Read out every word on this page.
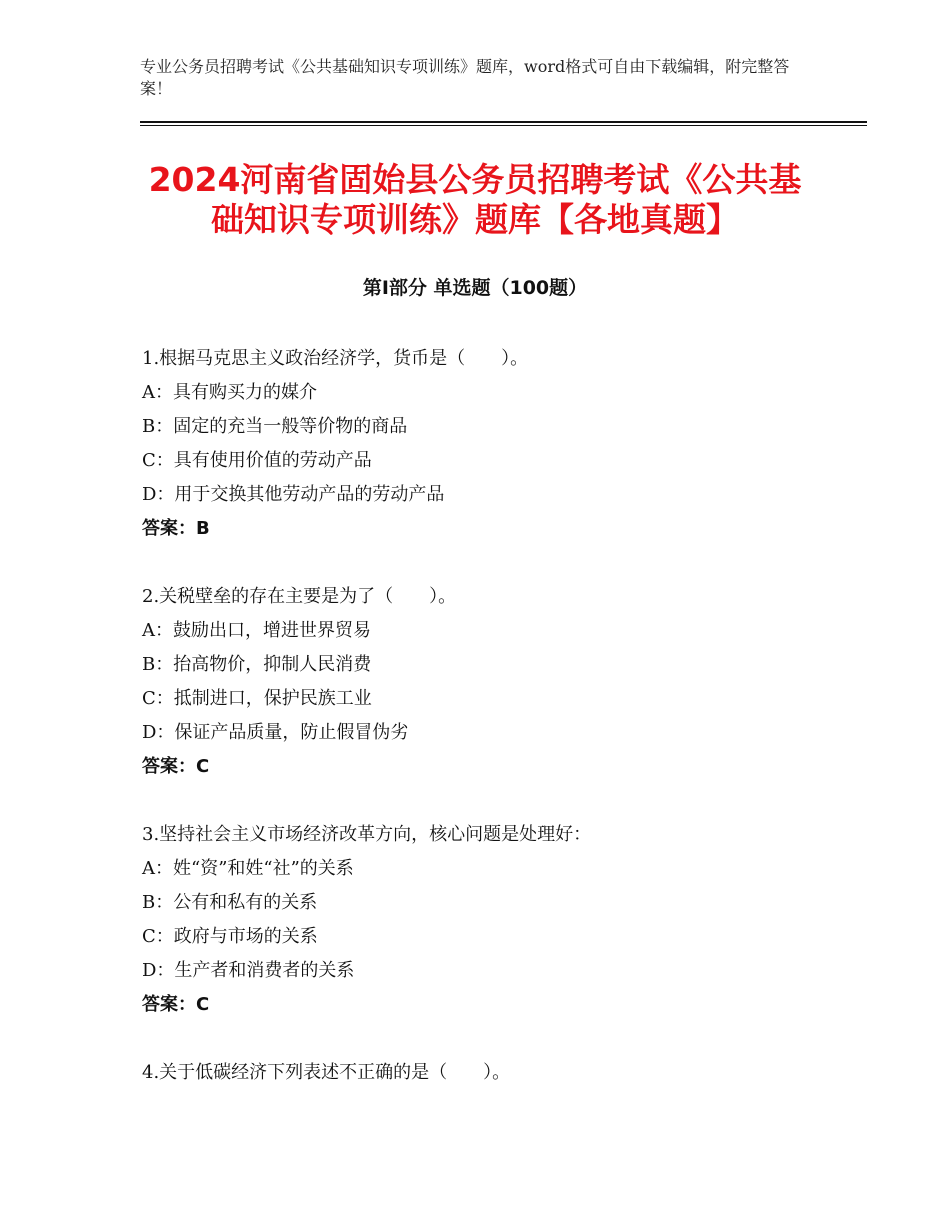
专业公务员招聘考试《公共基础知识专项训练》题库，word格式可自由下载编辑，附完整答案！
2024河南省固始县公务员招聘考试《公共基础知识专项训练》题库【各地真题】
第I部分 单选题（100题）
1.根据马克思主义政治经济学，货币是（　　）。
A：具有购买力的媒介
B：固定的充当一般等价物的商品
C：具有使用价值的劳动产品
D：用于交换其他劳动产品的劳动产品
答案：B
2.关税壁垒的存在主要是为了（　　）。
A：鼓励出口，增进世界贸易
B：抬高物价，抑制人民消费
C：抵制进口，保护民族工业
D：保证产品质量，防止假冒伪劣
答案：C
3.坚持社会主义市场经济改革方向，核心问题是处理好：
A：姓“资”和姓“社”的关系
B：公有和私有的关系
C：政府与市场的关系
D：生产者和消费者的关系
答案：C
4.关于低碳经济下列表述不正确的是（　　）。
